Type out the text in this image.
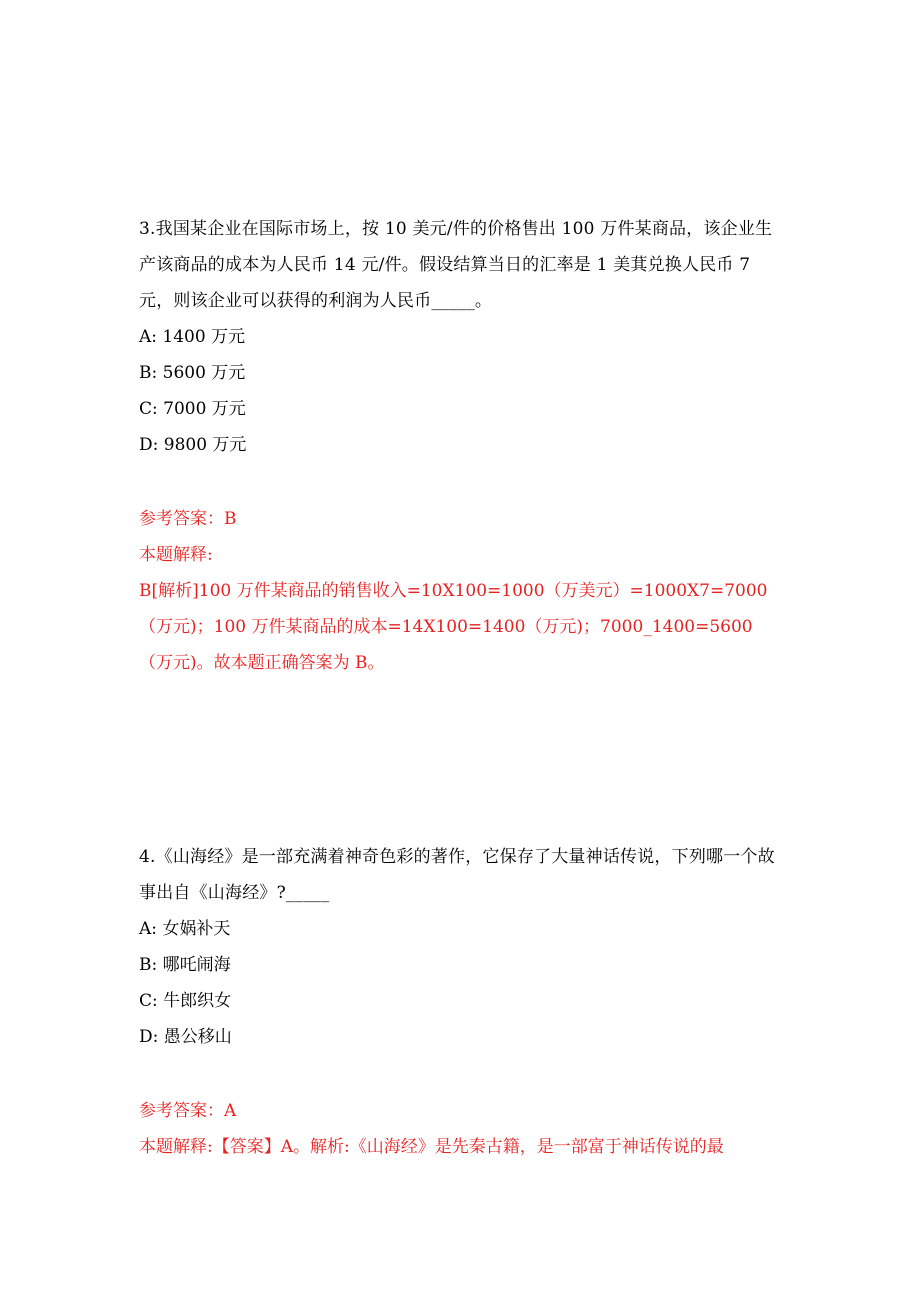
3.我国某企业在国际市场上，按 10 美元/件的价格售出 100 万件某商品，该企业生产该商品的成本为人民币 14 元/件。假设结算当日的汇率是 1 美萁兑换人民币 7 元，则该企业可以获得的利润为人民币_____。

A: 1400 万元

B: 5600 万元

C: 7000 万元

D: 9800 万元

参考答案：B

本题解释:

B[解析]100 万件某商品的销售收入=10X100=1000（万美元）=1000X7=7000（万元)；100 万件某商品的成本=14X100=1400（万元)；7000_1400=5600（万元)。故本题正确答案为 B。

4.《山海经》是一部充满着神奇色彩的著作，它保存了大量神话传说，下列哪一个故事出自《山海经》?_____

A: 女娲补天

B: 哪吒闹海

C: 牛郎织女

D: 愚公移山

参考答案：A

本题解释:【答案】A。解析:《山海经》是先秦古籍，是一部富于神话传说的最
